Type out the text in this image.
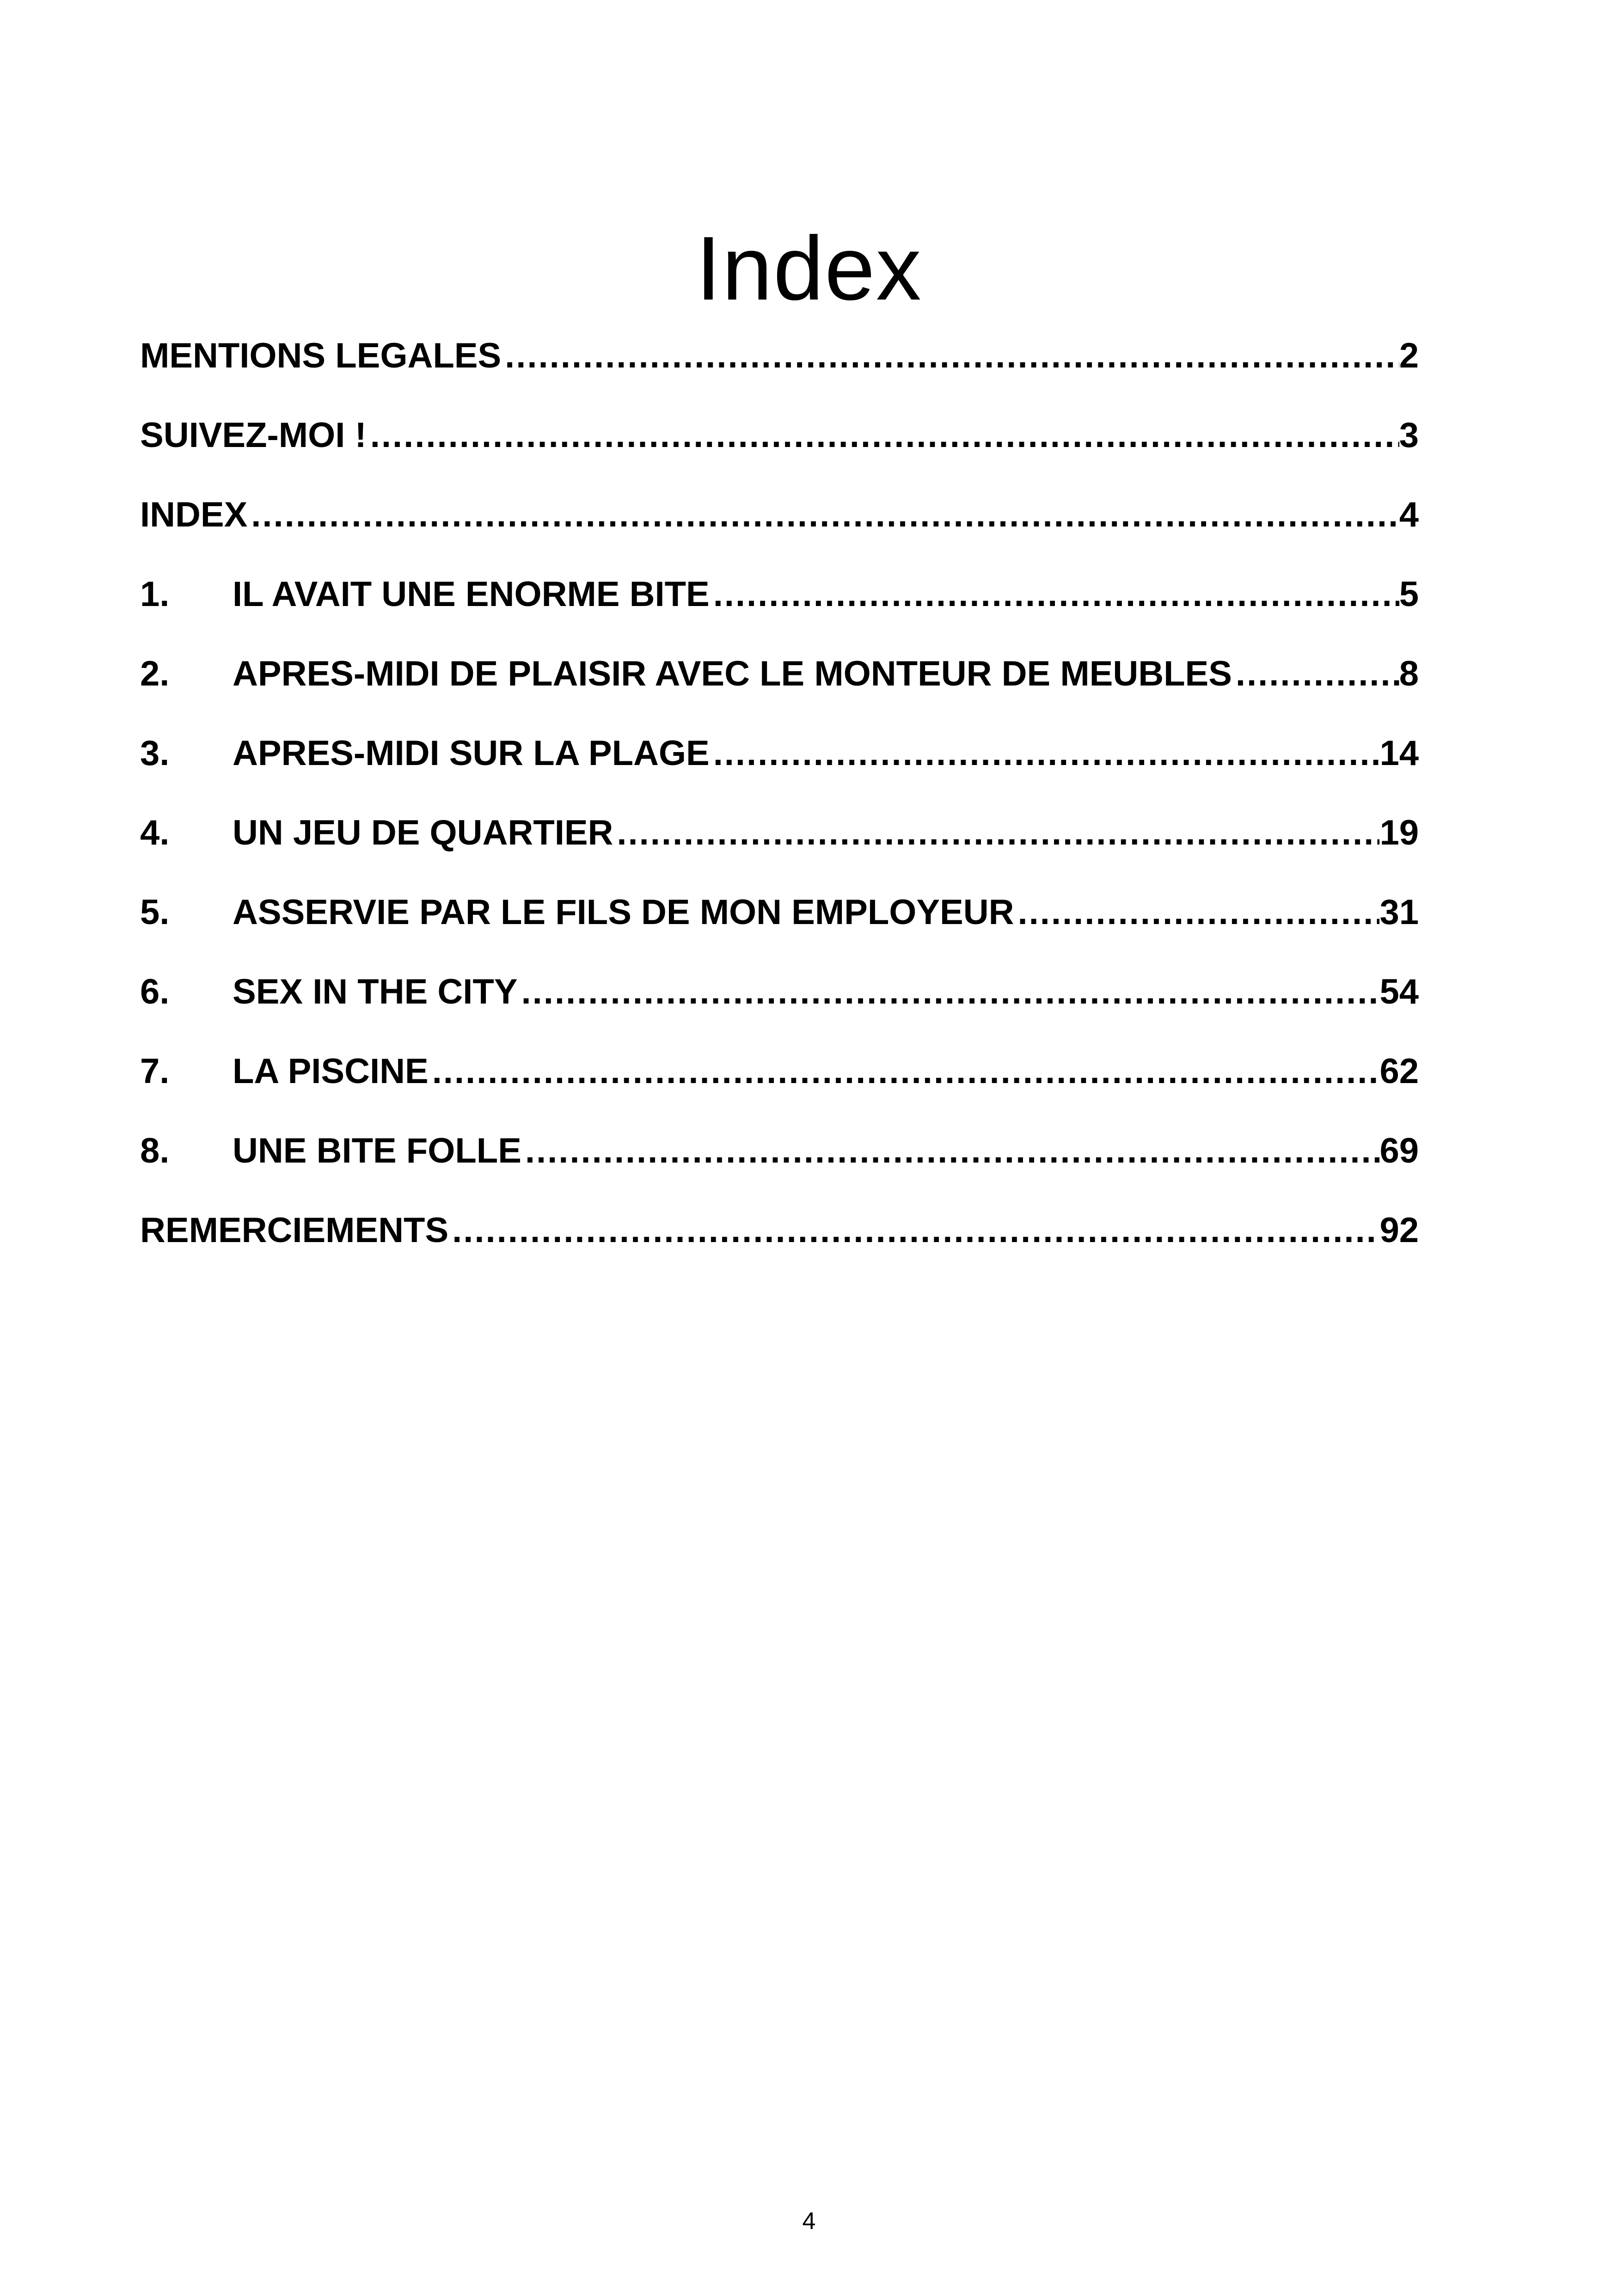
Index
MENTIONS LEGALES .....	2
SUIVEZ-MOI ! .....	3
INDEX .....	4
1.	IL AVAIT UNE ENORME BITE .....	5
2.	APRES-MIDI DE PLAISIR AVEC LE MONTEUR DE MEUBLES .....	8
3.	APRES-MIDI SUR LA PLAGE .....	14
4.	UN JEU DE QUARTIER .....	19
5.	ASSERVIE PAR LE FILS DE MON EMPLOYEUR .....	31
6.	SEX IN THE CITY .....	54
7.	LA PISCINE .....	62
8.	UNE BITE FOLLE .....	69
REMERCIEMENTS .....	92
4
